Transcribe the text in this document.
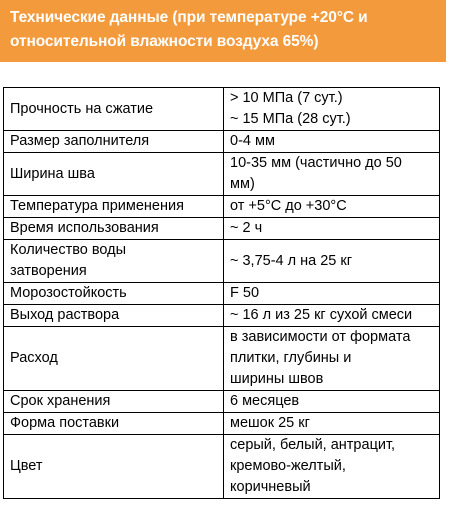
Технические данные (при температуре +20°C и
относительной влажности воздуха 65%)
Прочность на сжатие	> 10 МПа (7 сут.)
~ 15 МПа (28 сут.)

Размер заполнителя	0-4 мм

Ширина шва	10-35 мм (частично до 50
мм)

Температура применения	от +5°C до +30°C

Время использования	~ 2 ч

Количество воды
затворения	~ 3,75-4 л на 25 кг

Морозостойкость	F 50

Выход раствора	~ 16 л из 25 кг сухой смеси

Расход	в зависимости от формата
плитки, глубины и
ширины швов

Срок хранения	6 месяцев

Форма поставки	мешок 25 кг

Цвет	серый, белый, антрацит,
кремово-желтый,
коричневый
